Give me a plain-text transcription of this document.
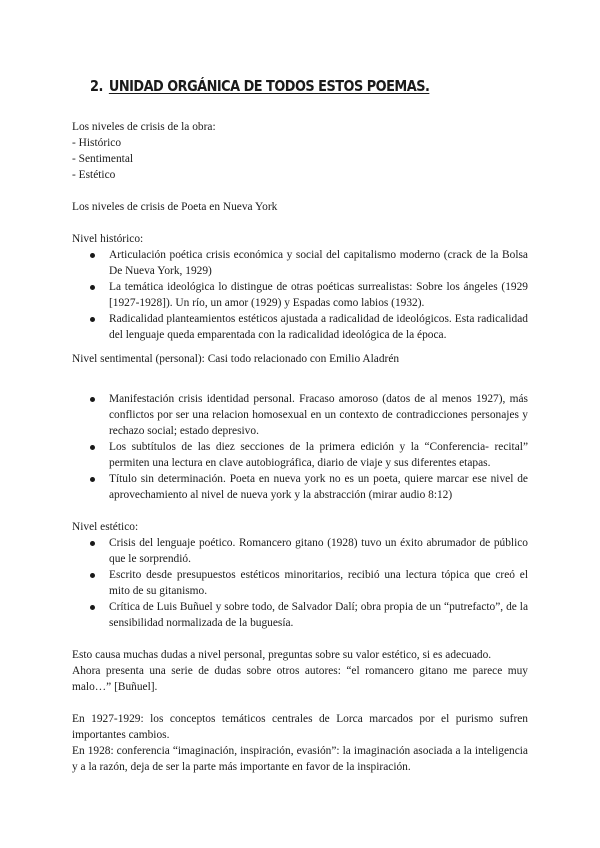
2. UNIDAD ORGÁNICA DE TODOS ESTOS POEMAS.

Los niveles de crisis de la obra:

- Histórico

- Sentimental

- Estético

Los niveles de crisis de Poeta en Nueva York

Nivel histórico:

Articulación poética crisis económica y social del capitalismo moderno (crack de la Bolsa De Nueva York, 1929)
La temática ideológica lo distingue de otras poéticas surrealistas: Sobre los ángeles (1929 [1927-1928]). Un río, un amor (1929) y Espadas como labios (1932).
Radicalidad planteamientos estéticos ajustada a radicalidad de ideológicos. Esta radicalidad del lenguaje queda emparentada con la radicalidad ideológica de la época.

Nivel sentimental (personal): Casi todo relacionado con Emilio Aladrén

Manifestación crisis identidad personal. Fracaso amoroso (datos de al menos 1927), más conflictos por ser una relacion homosexual en un contexto de contradicciones personajes y rechazo social; estado depresivo.
Los subtítulos de las diez secciones de la primera edición y la “Conferencia- recital” permiten una lectura en clave autobiográfica, diario de viaje y sus diferentes etapas.
Título sin determinación. Poeta en nueva york no es un poeta, quiere marcar ese nivel de aprovechamiento al nivel de nueva york y la abstracción (mirar audio 8:12)

Nivel estético:

Crisis del lenguaje poético. Romancero gitano (1928) tuvo un éxito abrumador de público que le sorprendió.
Escrito desde presupuestos estéticos minoritarios, recibió una lectura tópica que creó el mito de su gitanismo.
Crítica de Luis Buñuel y sobre todo, de Salvador Dalí; obra propia de un “putrefacto”, de la sensibilidad normalizada de la buguesía.

Esto causa muchas dudas a nivel personal, preguntas sobre su valor estético, si es adecuado.

Ahora presenta una serie de dudas sobre otros autores: “el romancero gitano me parece muy malo…” [Buñuel].

En 1927-1929: los conceptos temáticos centrales de Lorca marcados por el purismo sufren importantes cambios.

En 1928: conferencia “imaginación, inspiración, evasión”: la imaginación asociada a la inteligencia y a la razón, deja de ser la parte más importante en favor de la inspiración.
